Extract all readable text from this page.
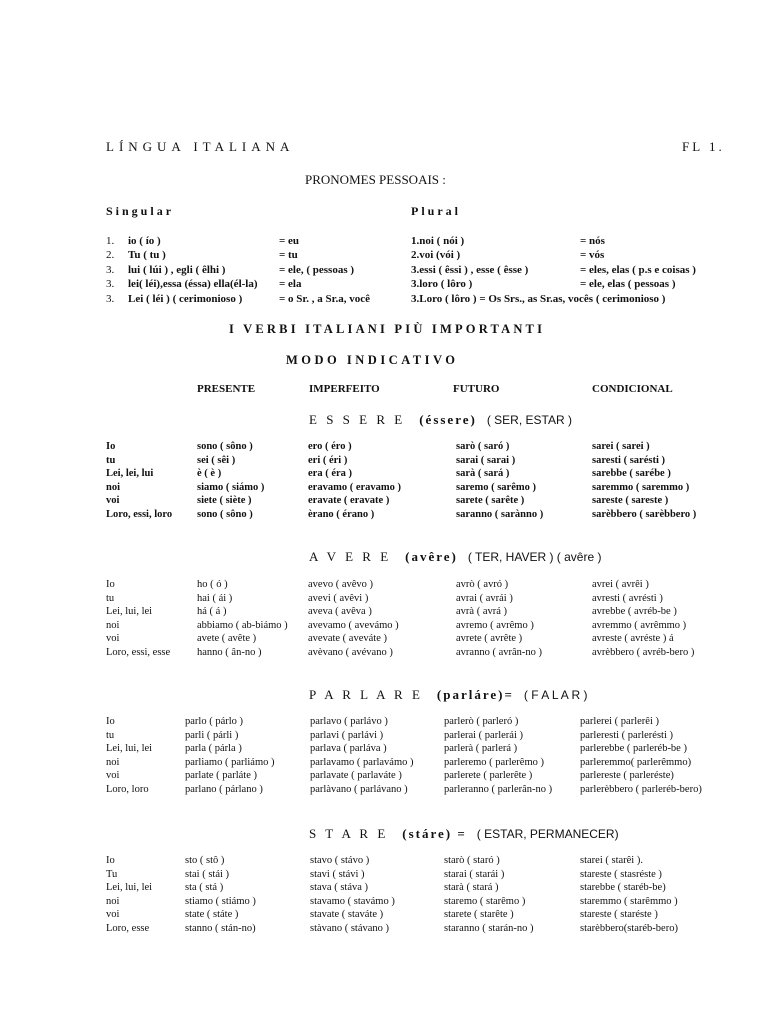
LÍNGUA ITALIANA	FL 1.
PRONOMES PESSOAIS :
Singular	Plural
1. io ( ío )	= eu	1.noi ( nói )	= nós
2. Tu ( tu )	= tu	2.voi (vói )	= vós
3. lui ( lúi ) , egli ( êlhi )	= ele, ( pessoas )	3.essi ( êssi ) , esse ( êsse )	= eles, elas ( p.s e coisas )
3. lei( léi),essa (éssa) ella(él-la) = ela	3.loro ( lôro )	= ele, elas ( pessoas )
3. Lei ( léi ) ( cerimonioso )	= o Sr. , a Sr.a, você	3.Loro ( lôro ) = Os Srs., as Sr.as, vocês ( cerimonioso )
I VERBI ITALIANI PIÙ IMPORTANTI
MODO INDICATIVO
PRESENTE	IMPERFEITO	FUTURO	CONDICIONAL
E S S E R E (éssere) ( SER, ESTAR )
Io	sono ( sôno )	ero ( éro )	sarò ( saró )	sarei ( sarei )
tu	sei ( sêi )	eri ( éri )	sarai ( sarai )	saresti ( sarésti )
Lei, lei, lui	è ( è )	era ( éra )	sarà ( sará )	sarebbe ( sarébe )
noi	siamo ( siámo )	eravamo ( eravamo )	saremo ( sarêmo )	saremmo ( saremmo )
voi	siete ( siète )	eravate ( eravate )	sarete ( sarête )	sareste ( sareste )
Loro, essi, loro sono ( sôno )	èrano ( érano )	saranno ( sarànno )	sarèbbero ( sarèbbero )
A V E R E (avêre) ( TER, HAVER ) ( avêre )
Io	ho ( ó )	avevo ( avêvo )	avrò ( avró )	avrei ( avrêi )
tu	hai ( ái )	avevi ( avêvi )	avrai ( avrái )	avresti ( avrésti )
Lei, lui, lei	há ( á )	aveva ( avêva )	avrà ( avrá )	avrebbe ( avréb-be )
noi	abbiamo ( ab-biámo ) avevamo ( avevámo )	avremo ( avrêmo )	avremmo ( avrêmmo )
voi	avete ( avête )	avevate ( aveváte )	avrete ( avrête )	avreste ( avréste ) á
Loro, essi, esse	hanno ( ân-no )	avèvano ( avévano )	avranno ( avrân-no )	avrèbbero ( avréb-bero )
P A R L A R E (parláre)= ( F A L A R )
Io	parlo ( párlo )	parlavo ( parlávo )	parlerò ( parleró )	parlerei ( parlerêi )
tu	parli ( párli )	parlavi ( parlávi )	parlerai ( parlerái )	parleresti ( parlerésti )
Lei, lui, lei	parla ( párla )	parlava ( parláva )	parlerà ( parlerá )	parlerebbe ( parleréb-be )
noi	parliamo ( parliámo )	parlavamo ( parlavámo )	parleremo ( parlerêmo )	parleremmo( parlerêmmo)
voi	parlate ( parláte )	parlavate ( parlaváte )	parlerete ( parlerête )	parlereste ( parleréste)
Loro, loro	parlano ( párlano )	parlàvano ( parlávano )	parleranno ( parlerân-no )	parlerèbbero ( parleréb-bero)
S T A R E (stáre) = ( ESTAR, PERMANECER)
Io	sto ( stô )	stavo ( stávo )	starò ( staró )	starei ( starêi ).
Tu	stai ( stái )	stavi ( stávi )	starai ( starái )	stareste ( stasréste )
Lei, lui, lei	sta ( stá )	stava ( stáva )	starà ( stará )	starebbe ( staréb-be)
noi	stiamo ( stiámo )	stavamo ( stavámo )	staremo ( starêmo )	staremmo ( starêmmo )
voi	state ( státe )	stavate ( staváte )	starete ( starête )	stareste ( staréste )
Loro, esse	stanno ( stán-no)	stàvano ( stávano )	staranno ( starán-no )	starèbbero(staréb-bero)
